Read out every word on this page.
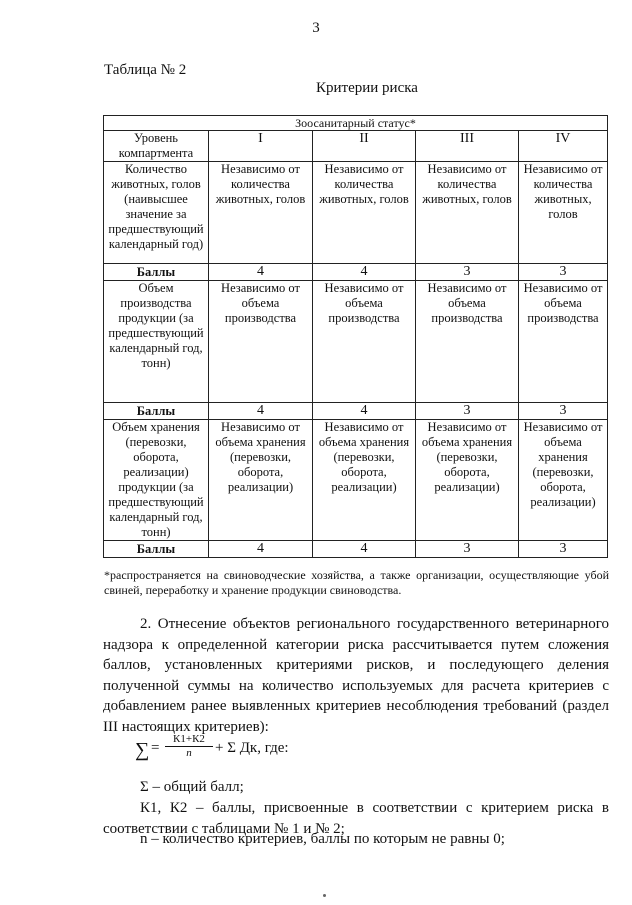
3
Таблица № 2
Критерии риска
Зоосанитарный статус*				
Уровень компартмента	I	II	III	IV
Количество животных, голов (наивысшее значение за предшествующий календарный год)	Независимо от количества животных, голов	Независимо от количества животных, голов	Независимо от количества животных, голов	Независимо от количества животных, голов
Баллы	4	4	3	3
Объем производства продукции (за предшествующий календарный год, тонн)	Независимо от объема производства	Независимо от объема производства	Независимо от объема производства	Независимо от объема производства
Баллы	4	4	3	3
Объем хранения (перевозки, оборота, реализации) продукции (за предшествующий календарный год, тонн)	Независимо от объема хранения (перевозки, оборота, реализации)	Независимо от объема хранения (перевозки, оборота, реализации)	Независимо от объема хранения (перевозки, оборота, реализации)	Независимо от объема хранения (перевозки, оборота, реализации)
Баллы	4	4	3	3
*распространяется на свиноводческие хозяйства, а также организации, осуществляющие убой свиней, переработку и хранение продукции свиноводства.

2. Отнесение объектов регионального государственного ветеринарного надзора к определенной категории риска рассчитывается путем сложения баллов, установленных критериями рисков, и последующего деления полученной суммы на количество используемых для расчета критериев с добавлением ранее выявленных критериев несоблюдения требований (раздел III настоящих критериев):

∑ =
К1+К2
n	+ Σ Дк, где:
Σ – общий балл;
К1, К2 – баллы, присвоенные в соответствии с критерием риска в соответствии с таблицами № 1 и № 2;
n – количество критериев, баллы по которым не равны 0;
